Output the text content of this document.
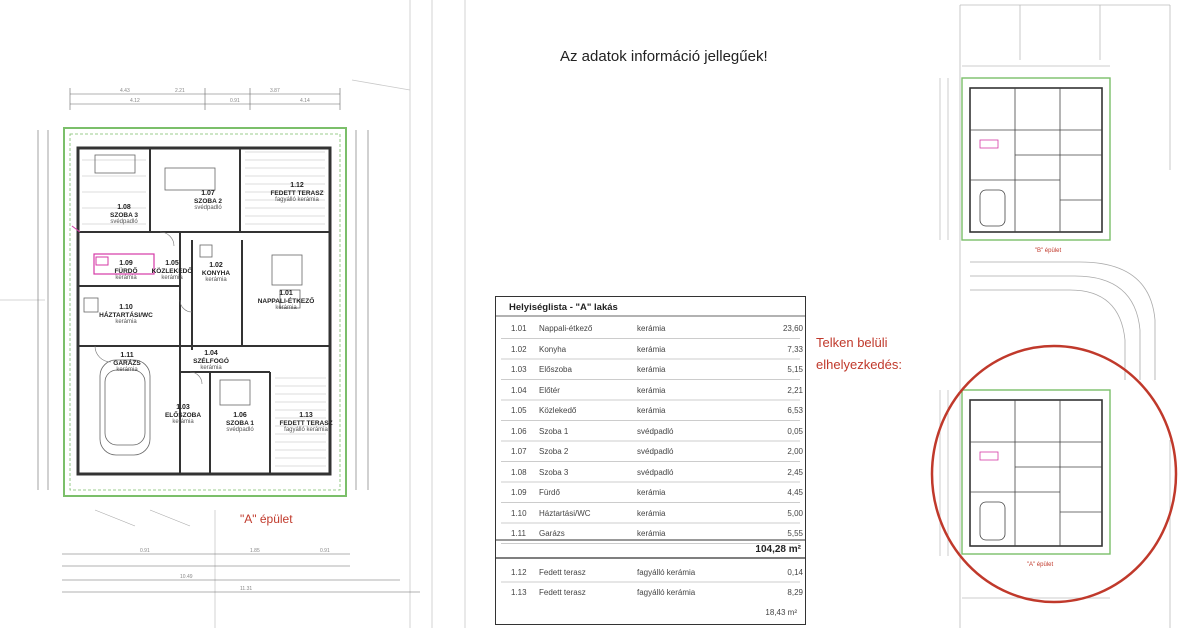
4.43	2.21	3.87
4.12	0.91	4.14
0.91	1.85	0.91
10.49
11.31
1.07
SZOBA 2
svédpadló
1.08
SZOBA 3
svédpadló
1.12
FEDETT TERASZ
fagyálló kerámia
1.09
FÜRDŐ
kerámia
1.05
KÖZLEKEDŐ
kerámia
1.02
KONYHA
kerámia
1.01
NAPPALI-ÉTKEZŐ
kerámia
1.10
HÁZTARTÁSI/WC
kerámia
1.11
GARÁZS
kerámia
1.04
SZÉLFOGÓ
kerámia
1.03
ELŐSZOBA
kerámia
1.06
SZOBA 1
svédpadló
1.13
FEDETT TERASZ
fagyálló kerámia
Az adatok információ jellegűek!
"A" épület
Helyiséglista - "A" lakás
1.01 Nappali-étkező	kerámia	23,60
1.02 Konyha	kerámia	7,33
1.03 Előszoba	kerámia	5,15
1.04 Előtér	kerámia	2,21
1.05 Közlekedő	kerámia	6,53
1.06 Szoba 1	svédpadló	0,05
1.07 Szoba 2	svédpadló	2,00
1.08 Szoba 3	svédpadló	2,45
1.09 Fürdő	kerámia	4,45
1.10 Háztartási/WC	kerámia	5,00
1.11 Garázs	kerámia	5,55
104,28 m²
1.12 Fedett terasz	fagyálló kerámia	0,14
1.13 Fedett terasz	fagyálló kerámia	8,29
18,43 m²
Telken belüli
elhelyezkedés:
"B" épület
"A" épület
